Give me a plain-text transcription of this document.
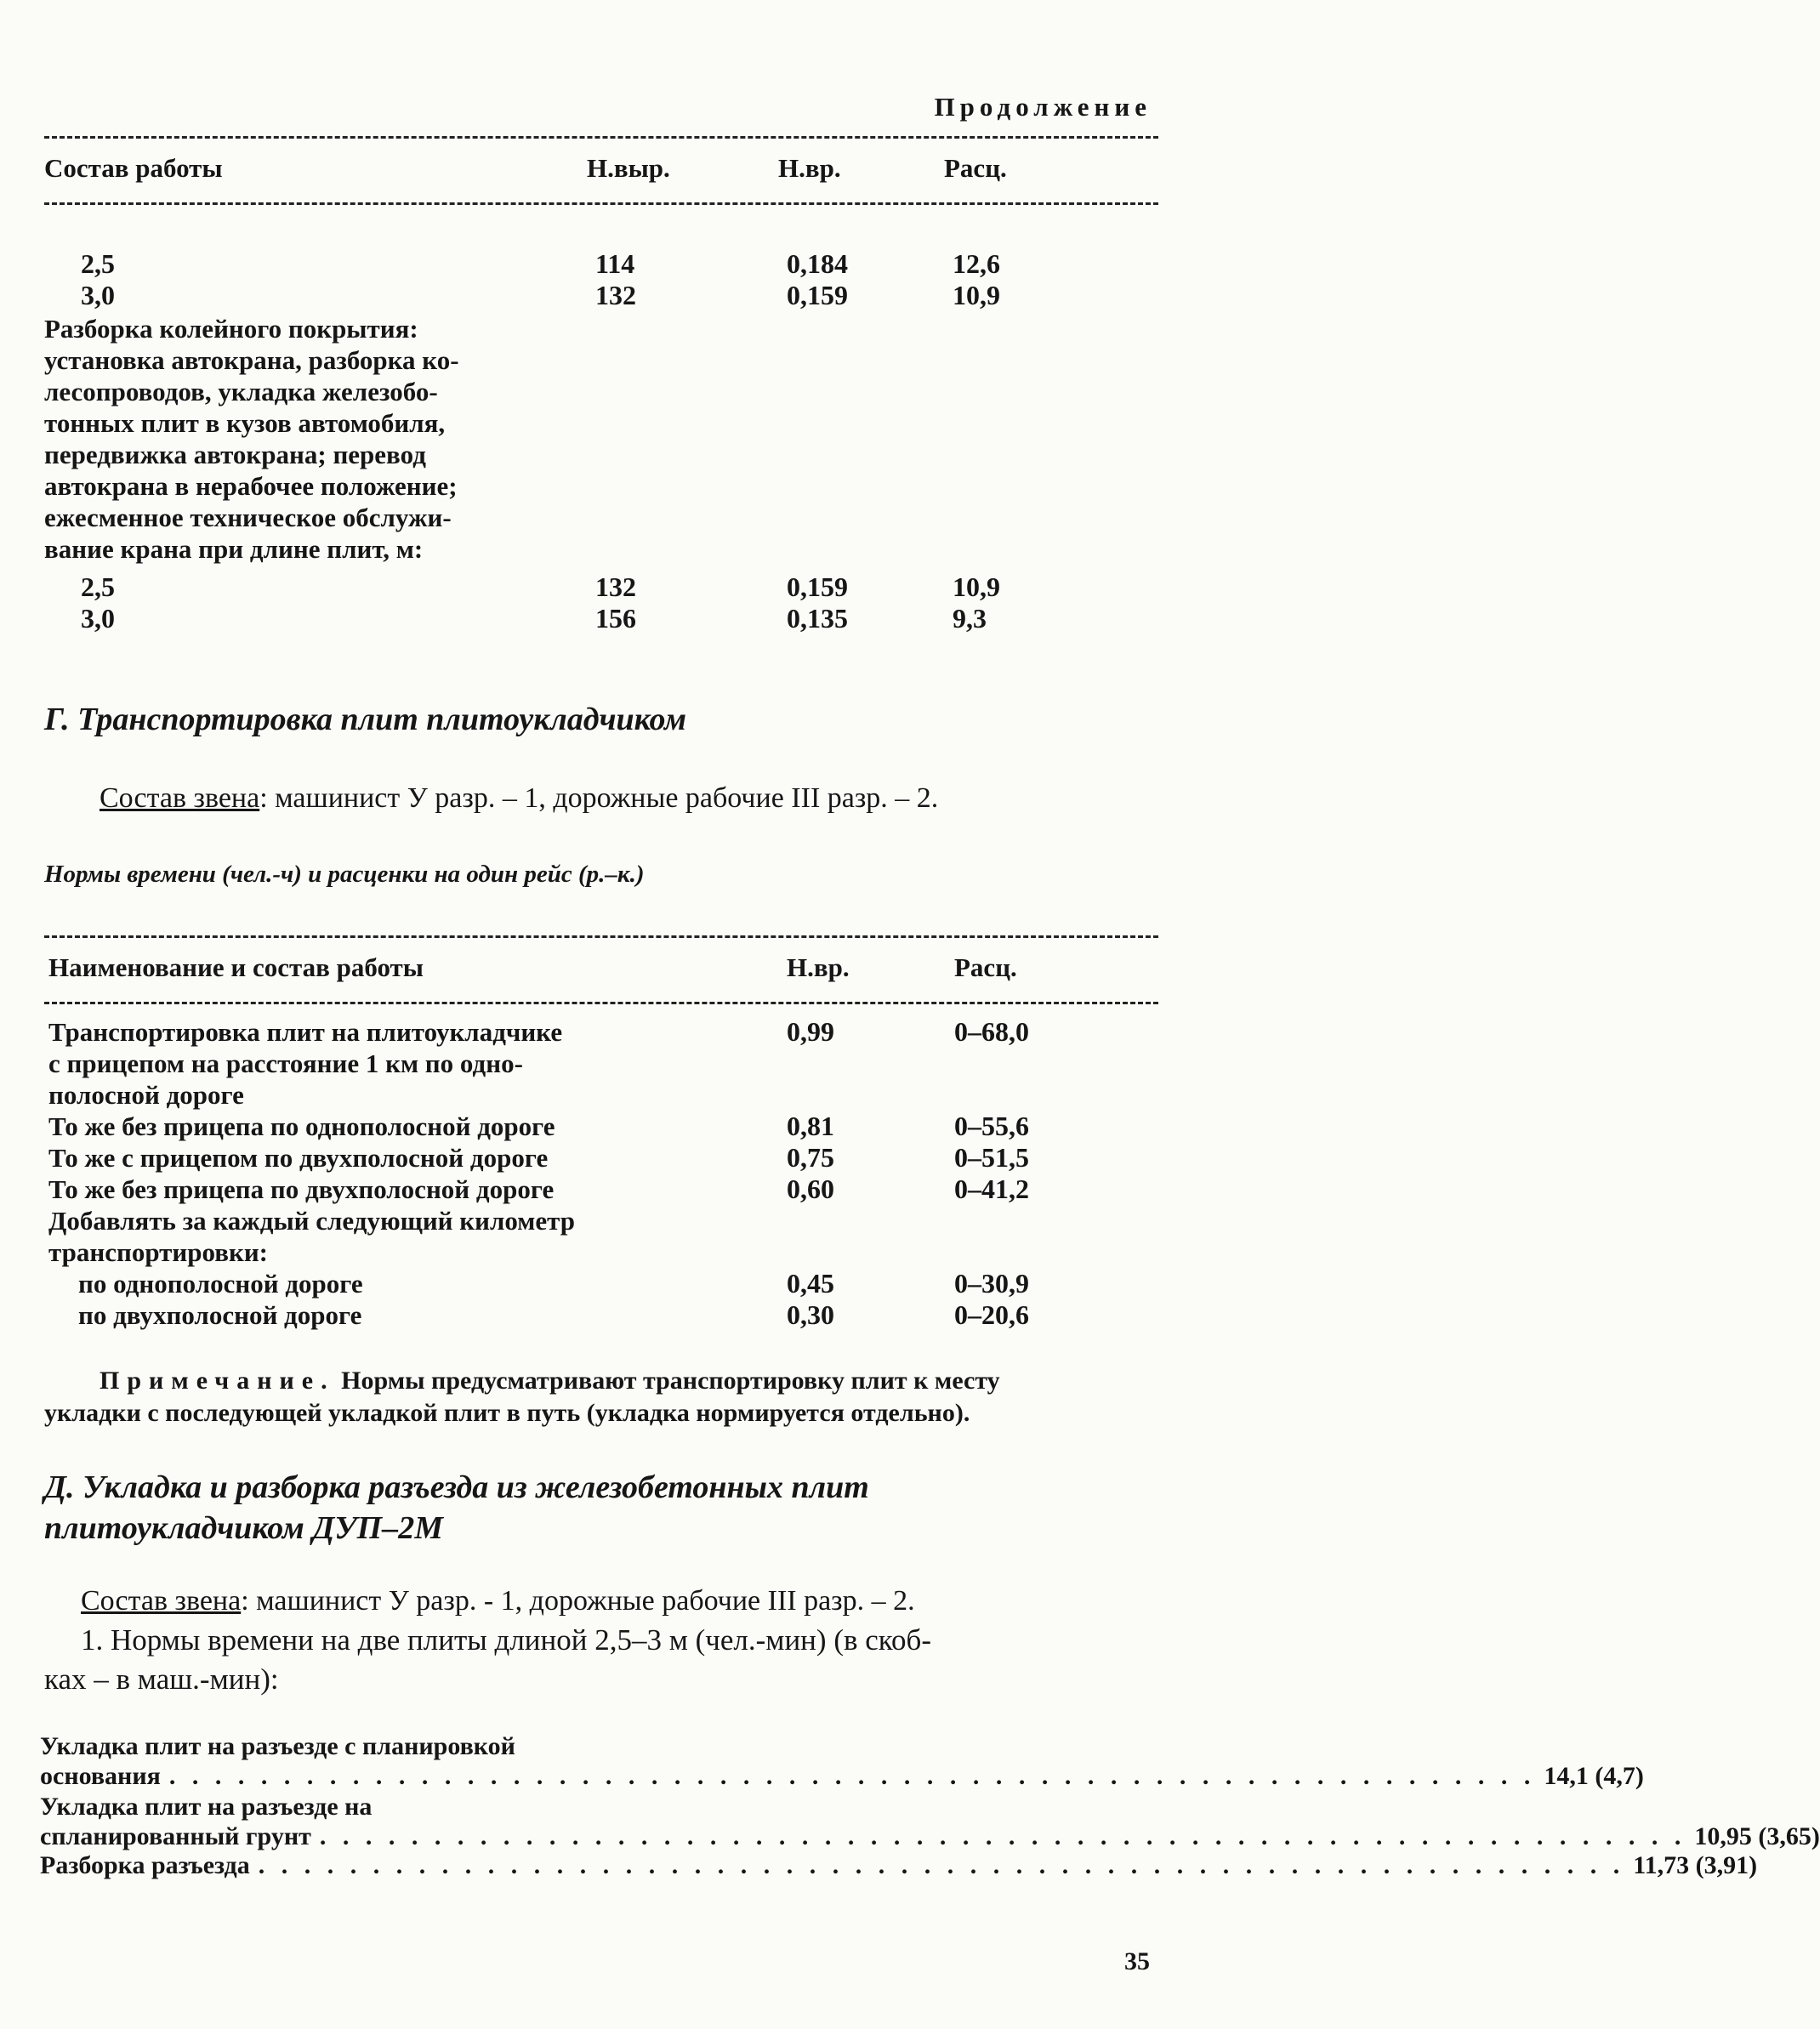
Продолжение
Состав работы	Н.выр.	Н.вр.	Расц.
2,5	114	0,184	12,6
3,0	132	0,159	10,9
Разборка колейного покрытия:
установка автокрана, разборка ко-
лесопроводов, укладка железобо-
тонных плит в кузов автомобиля,
передвижка автокрана; перевод
автокрана в нерабочее положение;
ежесменное техническое обслужи-
вание крана при длине плит, м:
2,5	132	0,159	10,9
3,0	156	0,135	9,3
Г. Транспортировка плит плитоукладчиком
Состав звена: машинист У разр. – 1, дорожные рабочие III разр. – 2.
Нормы времени (чел.-ч) и расценки на один рейс (р.–к.)
Наименование и состав работы	Н.вр.	Расц.
Транспортировка плит на плитоукладчике
с прицепом на расстояние 1 км по одно-
полосной дороге
0,99	0–68,0
То же без прицепа по однополосной дороге	0,81	0–55,6
То же с прицепом по двухполосной дороге	0,75	0–51,5
То же без прицепа по двухполосной дороге	0,60	0–41,2
Добавлять за каждый следующий километр
транспортировки:
по однополосной дороге	0,45	0–30,9
по двухполосной дороге	0,30	0–20,6
Примечание. Нормы предусматривают транспортировку плит к месту
укладки с последующей укладкой плит в путь (укладка нормируется отдельно).
Д. Укладка и разборка разъезда из железобетонных плит
плитоукладчиком ДУП–2М
Состав звена: машинист У разр. - 1, дорожные рабочие III разр. – 2.
1. Нормы времени на две плиты длиной 2,5–3 м (чел.-мин) (в скоб-
ках – в маш.-мин):
Укладка плит на разъезде с планировкой
основания . . . . . . . . . . . . . . . . . . . . . . . . . . . . . . . . . . . . . . . . . . . . . . . . . . . . . . . . . . . . 14,1 (4,7)
Укладка плит на разъезде на
спланированный грунт . . . . . . . . . . . . . . . . . . . . . . . . . . . . . . . . . . . . . . . . . . . . . . . . . . . . . . . . . . . . 10,95 (3,65)
Разборка разъезда . . . . . . . . . . . . . . . . . . . . . . . . . . . . . . . . . . . . . . . . . . . . . . . . . . . . . . . . . . . . 11,73 (3,91)
35
